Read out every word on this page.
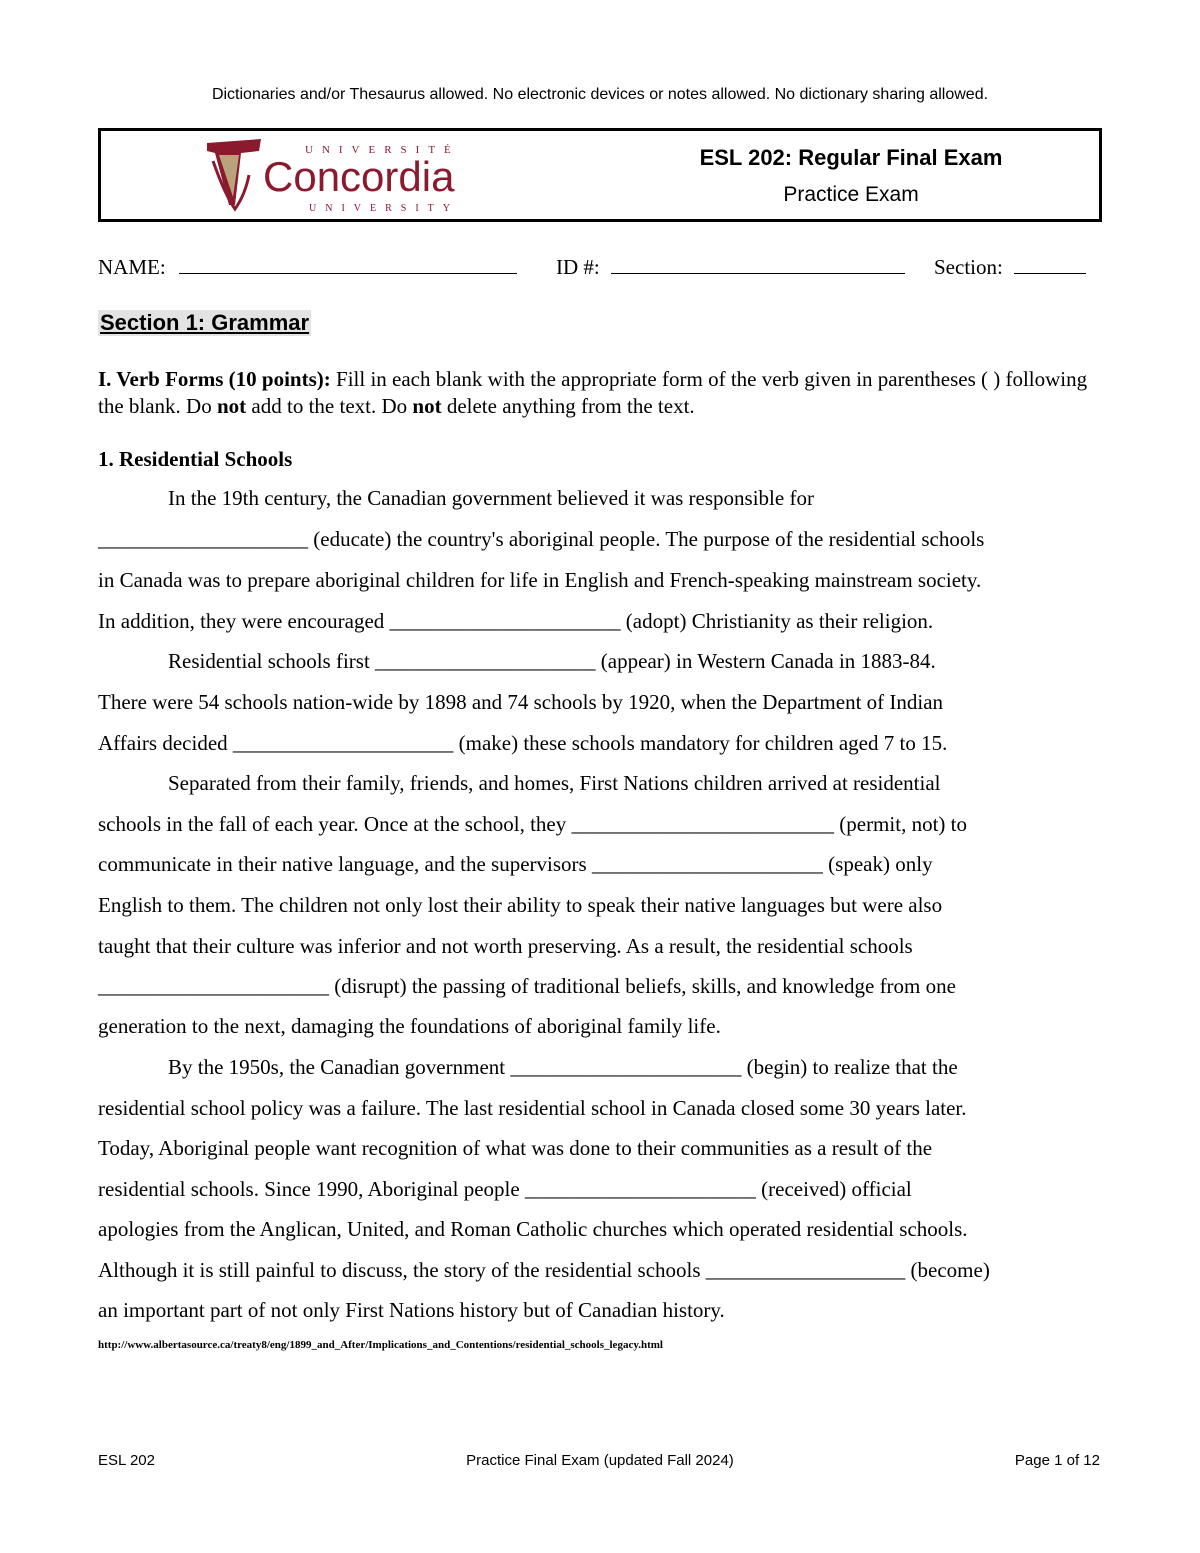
Dictionaries and/or Thesaurus allowed. No electronic devices or notes allowed. No dictionary sharing allowed.
UNIVERSITÉ
Concordia
UNIVERSITY
ESL 202: Regular Final Exam
Practice Exam
NAME:	ID #:	Section:
Section 1: Grammar
I. Verb Forms (10 points): Fill in each blank with the appropriate form of the verb given in parentheses ( ) following the blank. Do not add to the text. Do not delete anything from the text.
1. Residential Schools
In the 19th century, the Canadian government believed it was responsible for
____________________ (educate) the country's aboriginal people. The purpose of the residential schools
in Canada was to prepare aboriginal children for life in English and French-speaking mainstream society.
In addition, they were encouraged ______________________ (adopt) Christianity as their religion.
Residential schools first _____________________ (appear) in Western Canada in 1883-84.
There were 54 schools nation-wide by 1898 and 74 schools by 1920, when the Department of Indian
Affairs decided _____________________ (make) these schools mandatory for children aged 7 to 15.
Separated from their family, friends, and homes, First Nations children arrived at residential
schools in the fall of each year. Once at the school, they _________________________ (permit, not) to
communicate in their native language, and the supervisors ______________________ (speak) only
English to them. The children not only lost their ability to speak their native languages but were also
taught that their culture was inferior and not worth preserving. As a result, the residential schools
______________________ (disrupt) the passing of traditional beliefs, skills, and knowledge from one
generation to the next, damaging the foundations of aboriginal family life.
By the 1950s, the Canadian government ______________________ (begin) to realize that the
residential school policy was a failure. The last residential school in Canada closed some 30 years later.
Today, Aboriginal people want recognition of what was done to their communities as a result of the
residential schools. Since 1990, Aboriginal people ______________________ (received) official
apologies from the Anglican, United, and Roman Catholic churches which operated residential schools.
Although it is still painful to discuss, the story of the residential schools ___________________ (become)
an important part of not only First Nations history but of Canadian history.
http://www.albertasource.ca/treaty8/eng/1899_and_After/Implications_and_Contentions/residential_schools_legacy.html
ESL 202	Practice Final Exam (updated Fall 2024)	Page 1 of 12
